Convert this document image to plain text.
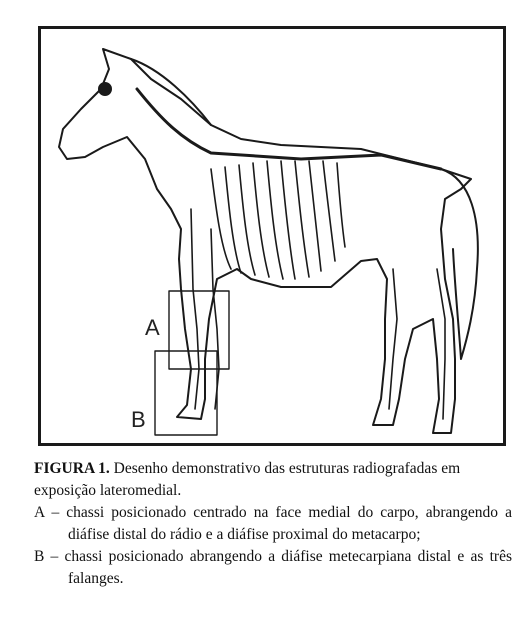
A
B

FIGURA 1. Desenho demonstrativo das estruturas radiografadas em exposição lateromedial.

A – chassi posicionado centrado na face medial do carpo, abrangendo a diáfise distal do rádio e a diáfise proximal do metacarpo;

B – chassi posicionado abrangendo a diáfise metecarpiana distal e as três falanges.
